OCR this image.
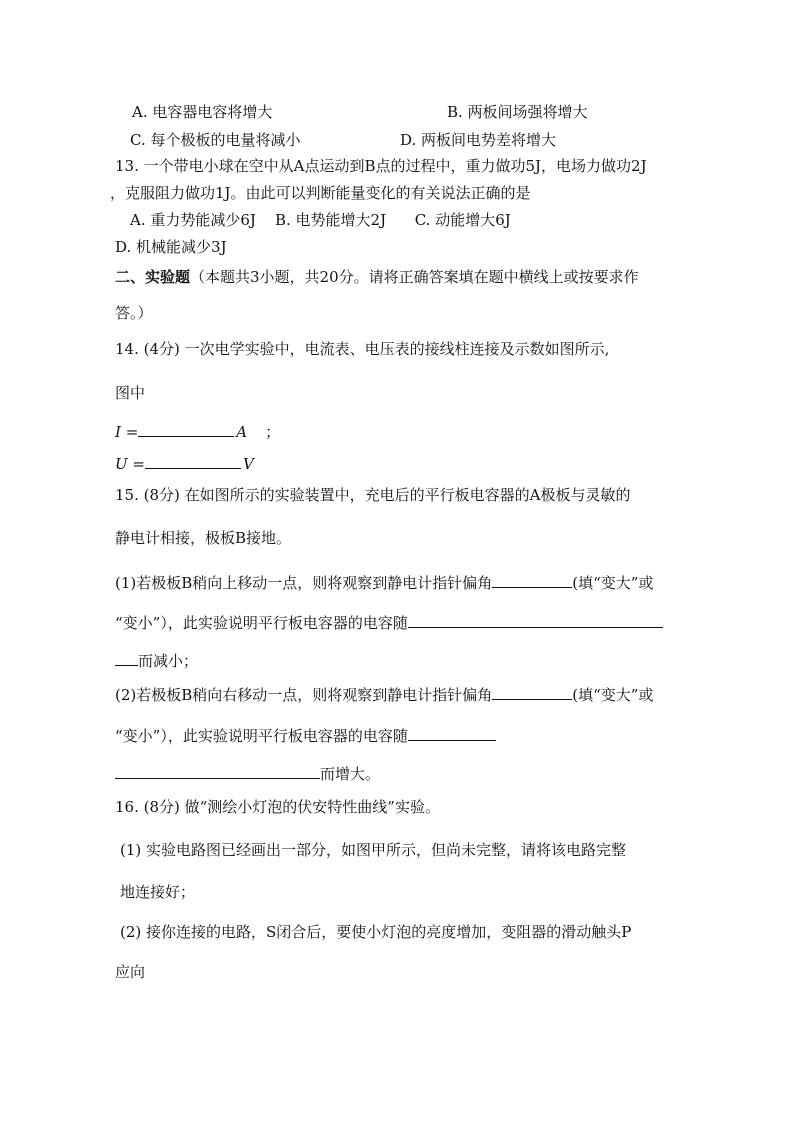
A. 电容器电容将增大	B. 两板间场强将增大
C. 每个极板的电量将减小	D. 两板间电势差将增大
13. 一个带电小球在空中从A点运动到B点的过程中，重力做功5J，电场力做功2J
，克服阻力做功1J。由此可以判断能量变化的有关说法正确的是
A. 重力势能减少6J    B. 电势能增大2J      C. 动能增大6J
D. 机械能减少3J
二、实验题（本题共3小题，共20分。请将正确答案填在题中横线上或按要求作
答。）
14. (4分) 一次电学实验中，电流表、电压表的接线柱连接及示数如图所示,
图中
I =	A ；
U =	V
15. (8分) 在如图所示的实验装置中，充电后的平行板电容器的A极板与灵敏的
静电计相接，极板B接地。
(1)若极板B稍向上移动一点，则将观察到静电计指针偏角	(填“变大”或
“变小”），此实验说明平行板电容器的电容随
而减小；
(2)若极板B稍向右移动一点，则将观察到静电计指针偏角	(填“变大”或
“变小”），此实验说明平行板电容器的电容随
而增大。
16. (8分) 做“测绘小灯泡的伏安特性曲线”实验。
(1) 实验电路图已经画出一部分，如图甲所示，但尚未完整，请将该电路完整
地连接好；
(2) 接你连接的电路，S闭合后，要使小灯泡的亮度增加，变阻器的滑动触头P
应向
